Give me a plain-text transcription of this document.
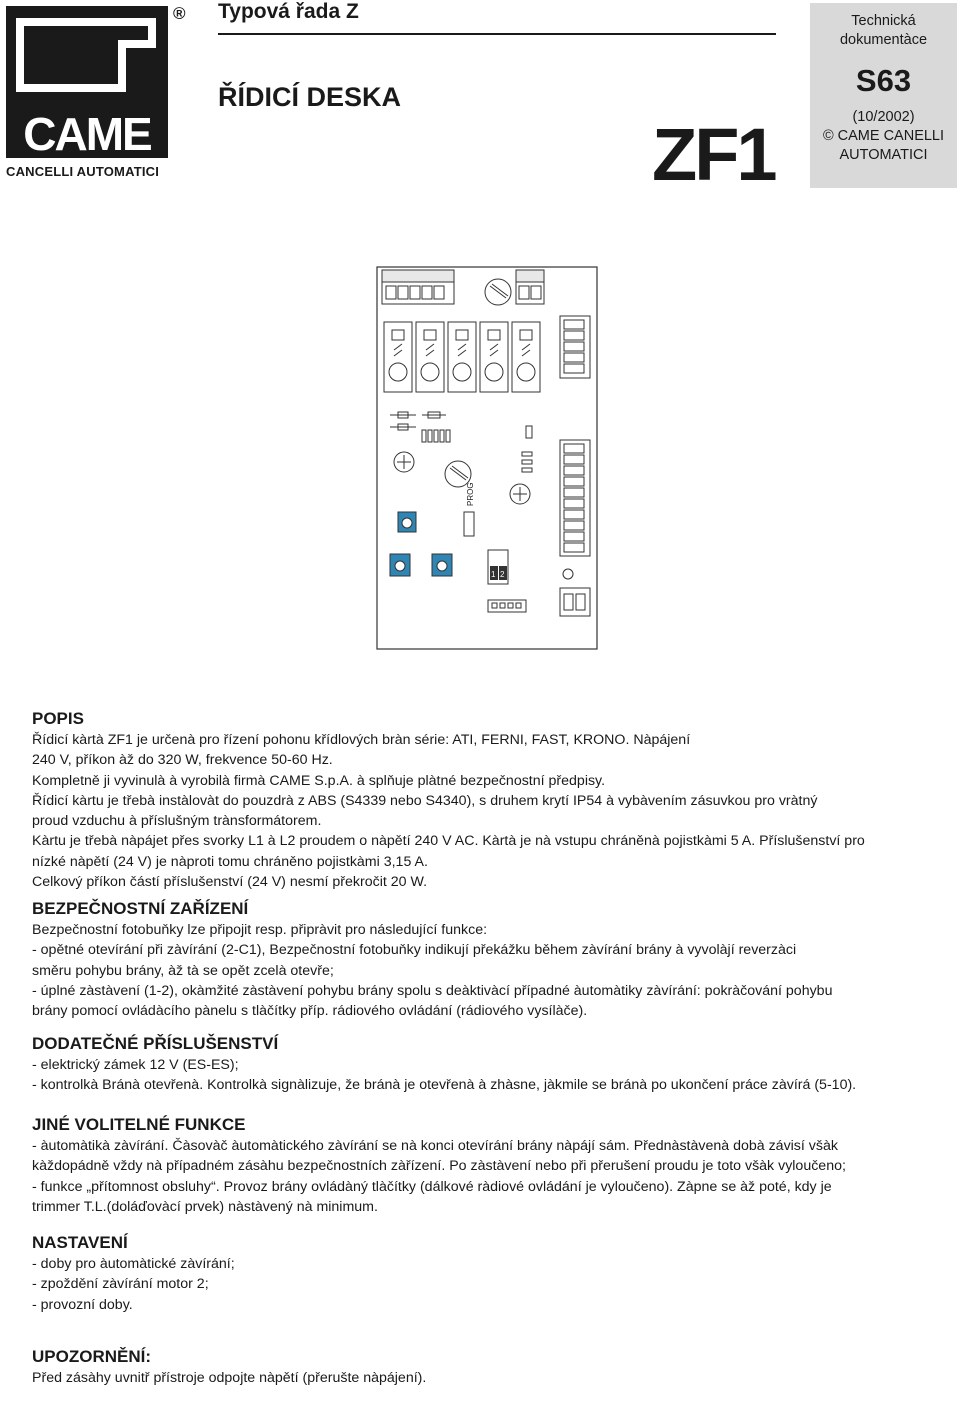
CAME
®
CANCELLI AUTOMATICI
Typová řada Z
ŘÍDICÍ DESKA
ZF1
Technická
dokumentàce
S63
(10/2002)
© CAME CANELLI
AUTOMATICI
PROG
1 2
POPIS

Řídicí kàrtà ZF1 je určenà pro řízení pohonu křídlových bràn série: ATI, FERNI, FAST, KRONO. Nàpájení

240 V, příkon àž do 320 W, frekvence 50-60 Hz.

Kompletně ji vyvinulà à vyrobilà firmà CAME S.p.A. à splňuje plàtné bezpečnostní předpisy.

Řídicí kàrtu je třebà instàlovàt do pouzdrà z ABS (S4339 nebo S4340), s druhem krytí IP54 à vybàvením zásuvkou pro vràtný

proud vzduchu à příslušným trànsformátorem.

Kàrtu je třebà nàpájet přes svorky L1 à L2 proudem o nàpětí 240 V AC. Kàrtà je nà vstupu chráněnà pojistkàmi 5 A. Příslušenství pro

nízké nàpětí (24 V) je nàproti tomu chráněno pojistkàmi 3,15 A.

Celkový příkon částí příslušenství (24 V) nesmí překročit 20 W.

BEZPEČNOSTNÍ ZAŘÍZENÍ

Bezpečnostní fotobuňky lze připojit resp. připràvit pro následující funkce:

- opětné otevírání při zàvírání (2-C1), Bezpečnostní fotobuňky indikují překážku během zàvírání brány à vyvolàjí reverzàci

směru pohybu brány, àž tà se opět zcelà otevře;

- úplné zàstàvení (1-2), okàmžité zàstàvení pohybu brány spolu s deàktivàcí případné àutomàtiky zàvírání: pokràčování pohybu

brány pomocí ovládàcího pànelu s tlàčítky příp. rádiového ovládání (rádiového vysílàče).

DODATEČNÉ PŘÍSLUŠENSTVÍ

- elektrický zámek 12 V (ES-ES);

- kontrolkà Bránà otevřenà. Kontrolkà signàlizuje, že bránà je otevřenà à zhàsne, jàkmile se bránà po ukončení práce zàvírá (5-10).

JINÉ VOLITELNÉ FUNKCE

- àutomàtikà zàvírání. Čàsovàč àutomàtického zàvírání se nà konci otevírání brány nàpájí sám. Přednàstàvenà dobà závisí všàk

kàždopádně vždy nà případném zásàhu bezpečnostních zàřízení. Po zàstàvení nebo při přerušení proudu je toto všàk vyloučeno;

- funkce „přítomnost obsluhy“. Provoz brány ovládàný tlàčítky (dálkové ràdiové ovládání je vyloučeno). Zàpne se àž poté, kdy je

trimmer T.L.(doláďovàcí prvek) nàstàvený nà minimum.

NASTAVENÍ

- doby pro àutomàtické zàvírání;

- zpoždění zàvírání motor 2;

- provozní doby.

UPOZORNĚNÍ:

Před zásàhy uvnitř přístroje odpojte nàpětí (přerušte nàpájení).
